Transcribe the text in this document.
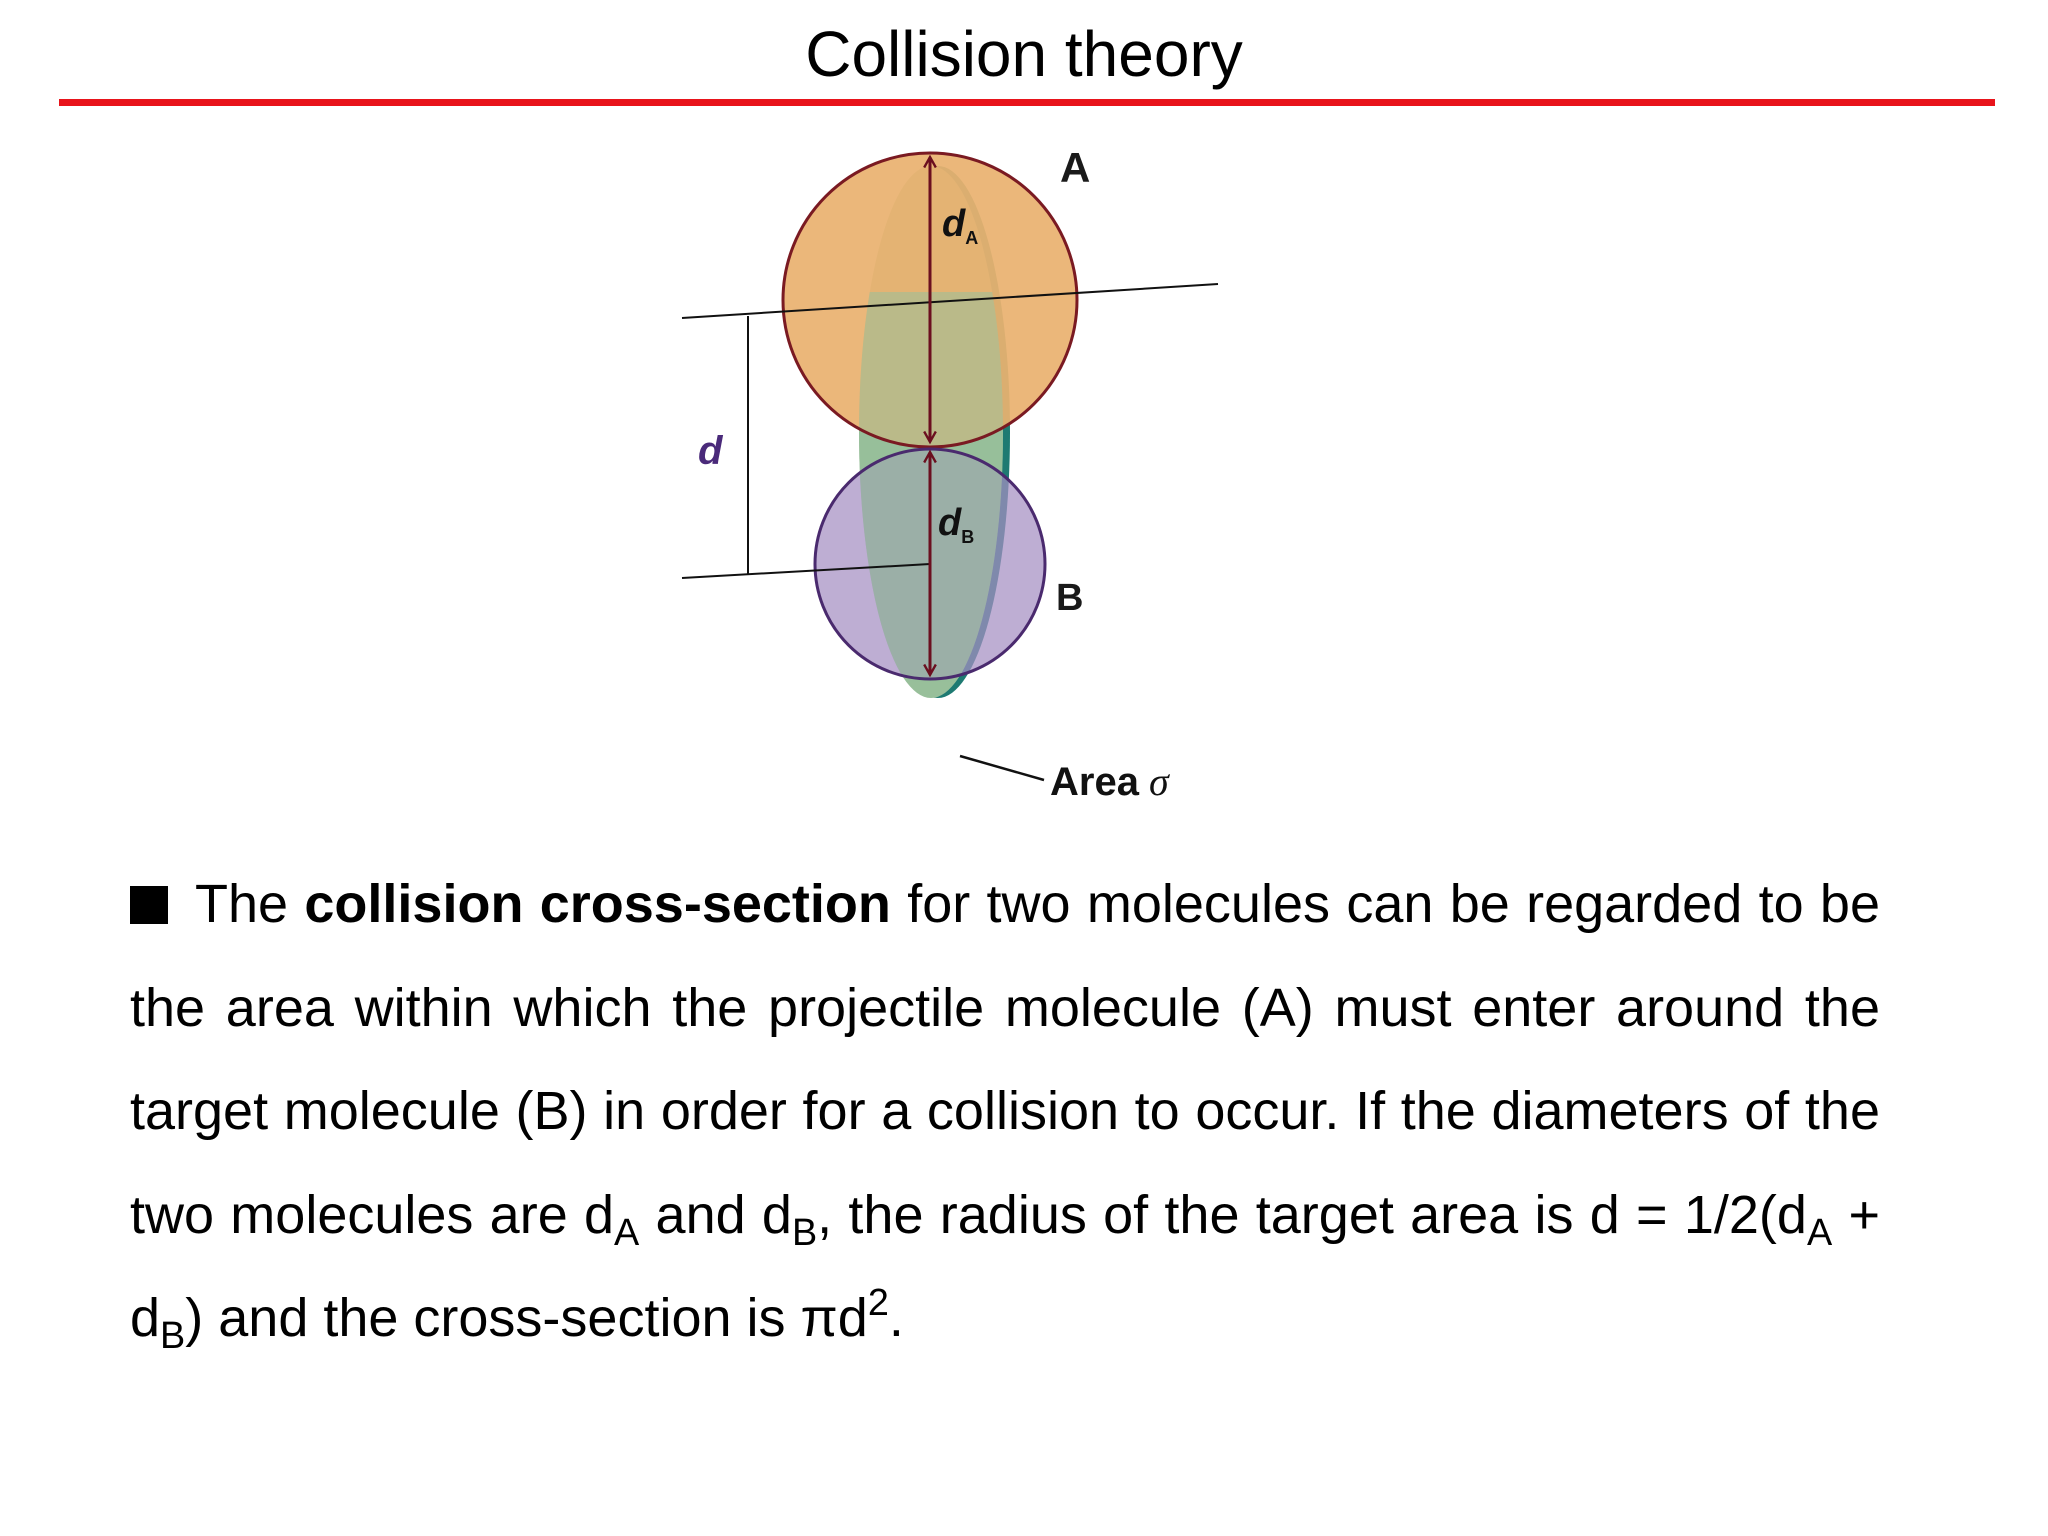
Collision theory
A
B
d
$d_A$
$d_B$
Area σ
The collision cross-section for two molecules can be regarded to be the area within which the projectile molecule (A) must enter around the target molecule (B) in order for a collision to occur. If the diameters of the two molecules are $d_A$ and $d_B$, the radius of the target area is $d = 1/2(d_A + d_B)$ and the cross-section is $\pi d^2$.
